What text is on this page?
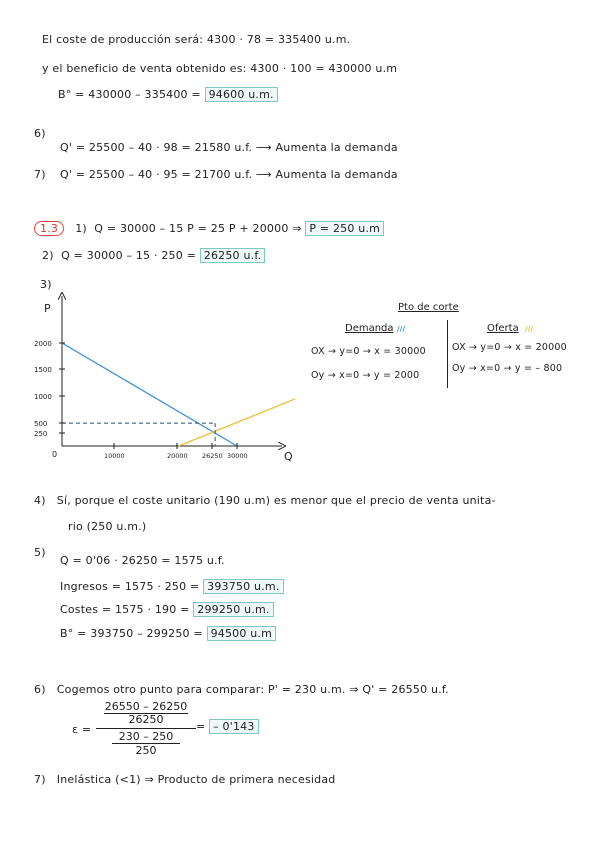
El coste de producción será: 4300 · 78 = 335400 u.m.
y el beneficio de venta obtenido es: 4300 · 100 = 430000 u.m
B° = 430000 – 335400 = 94600 u.m.
6)
Q' = 25500 – 40 · 98 = 21580 u.f. ⟶ Aumenta la demanda
7) Q' = 25500 – 40 · 95 = 21700 u.f. ⟶ Aumenta la demanda
1.3 1) Q = 30000 – 15 P = 25 P + 20000 ⇒ P = 250 u.m
2) Q = 30000 – 15 · 250 = 26250 u.f.
3)
P
Q
0
2000
1500
1000
500
250
10000	20000 26250 30000
Pto de corte
Demanda ///	Oferta ///
OX → y=0 → x = 30000
Oy → x=0 → y = 2000
OX → y=0 → x = 20000
Oy → x=0 → y = – 800
4) Sí, porque el coste unitario (190 u.m) es menor que el precio de venta unita-
rio (250 u.m.)
5)
Q = 0'06 · 26250 = 1575 u.f.
Ingresos = 1575 · 250 = 393750 u.m.
Costes = 1575 · 190 = 299250 u.m.
B° = 393750 – 299250 = 94500 u.m
6) Cogemos otro punto para comparar: P' = 230 u.m. ⇒ Q' = 26550 u.f.
ε =
26550 – 26250
26250
230 – 250
250
= – 0'143
7) Inelástica (<1) ⇒ Producto de primera necesidad
